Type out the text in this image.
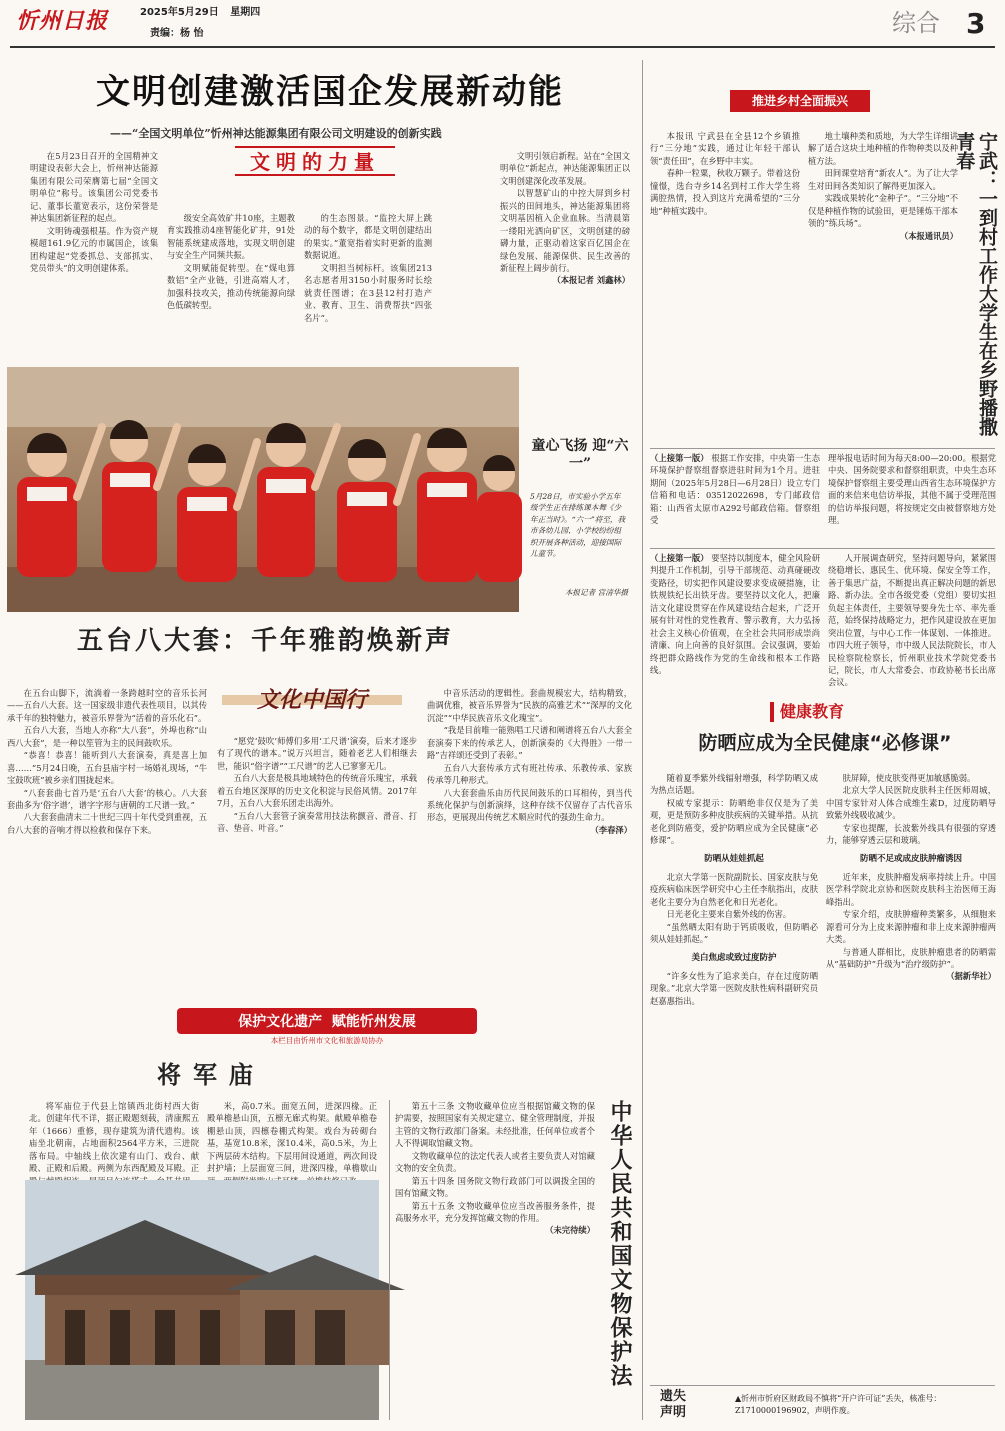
忻州日报	2025年5月29日 星期四
责编：杨 怡	综合 3
文明创建激活国企发展新动能
——“全国文明单位”忻州神达能源集团有限公司文明建设的创新实践
文明的力量

在5月23日召开的全国精神文明建设表彰大会上，忻州神达能源集团有限公司荣膺第七届“全国文明单位”称号。该集团公司党委书记、董事长董宽表示，这份荣誉是神达集团新征程的起点。

文明铸魂强根基。作为资产规模超161.9亿元的市属国企，该集团构建起“党委抓总、支部抓实、党员带头”的文明创建体系。

级安全高效矿井10座，主题教育实践推动4座智能化矿井，91处智能系统建成落地，实现文明创建与安全生产同频共振。

文明赋能促转型。在“煤电算数铝”全产业链，引进高端人才，加强科技攻关，推动传统能源向绿色低碳转型。

的生态图景。“监控大屏上跳动的每个数字，都是文明创建结出的果实。”董宽指着实时更新的监测数据说道。

文明担当树标杆。该集团213名志愿者用3150小时服务时长绘就责任图谱；在3县12村打造产业、教育、卫生、消费帮扶“四张名片”。

文明引领启新程。站在“全国文明单位”新起点，神达能源集团正以文明创建深化改革发展。

以智慧矿山的中控大屏到乡村振兴的田间地头，神达能源集团将文明基因植入企业血脉。当清晨第一缕阳光洒向矿区，文明创建的磅礴力量，正驱动着这家百亿国企在绿色发展、能源保供、民生改善的新征程上阔步前行。

（本报记者 刘鑫林）

童心飞扬 迎“六一”
5月28日，市实验小学五年级学生正在排练课本舞《少年正当时》。“六一”将至，我市各幼儿园、小学校纷纷组织开展各种活动，迎接国际儿童节。
本报记者 宫清华摄
五台八大套：千年雅韵焕新声

在五台山脚下，流淌着一条跨越时空的音乐长河——五台八大套。这一国家级非遗代表性项目，以其传承千年的独特魅力，被音乐界誉为“活着的音乐化石”。

五台八大套，当地人亦称“大八套”，外埠也称“山西八大套”，是一种以笙管为主的民间鼓吹乐。

“恭喜！恭喜！能听到八大套演奏，真是喜上加喜……”5月24日晚，五台县庙宇村一场婚礼现场，“牛宝鼓吹班”被乡亲们围拢起来。

“八套套曲七首乃是‘五台八大套’的核心。八大套套曲多为‘俗字谱’，谱字字形与唐朝的工尺谱一致。”

八大套套曲清末二十世纪三四十年代受到重视，五台八大套的音响才得以检救和保存下来。

文化中国行

“愿党‘鼓吹’师傅们多用‘工尺谱’演奏，后来才逐步有了现代的谱本。”说万兴坦言，随着老艺人们相继去世，能识“俗字谱”“工尺谱”的艺人已寥寥无几。

五台八大套是极具地域特色的传统音乐瑰宝，承载着五台地区深厚的历史文化积淀与民俗风情。2017年7月，五台八大套乐团走出海外。

“五台八大套管子演奏常用技法称颤音、滑音、打音、垫音、叶音。”

中音乐活动的逻辑性。套曲规模宏大，结构精致，曲调优雅，被音乐界誉为“民族的高雅艺术”“深厚的文化沉淀”“中华民族音乐文化瑰宝”。

“我是目前唯一能熟唱工尺谱和阐谱将五台八大套全套演奏下来的传承艺人，创新演奏的《大得胜》一带一路”吉祥颂还受到了表彰。”

五台八大套传承方式有班社传承、乐教传承、家族传承等几种形式。

八大套套曲乐由历代民间鼓乐的口耳相传，到当代系统化保护与创新演绎，这种存续不仅留存了古代音乐形态，更展现出传统艺术顺应时代的强劲生命力。

（李春泽）

保护文化遗产  赋能忻州发展
本栏目由忻州市文化和旅游局协办
将军庙
将军庙位于代县上馆镇西北街村西大街北。创建年代不详，据正殿题刻载，清康熙五年（1666）重修，现存建筑为清代遗构。该庙坐北朝南，占地面积2564平方米，三进院落布局。中轴线上依次建有山门、戏台、献殿、正殿和后殿。两侧为东西配殿及耳殿。正
米，高0.7米。面宽五间，进深四椽。正殿单檐悬山顶，五檩无廊式构架。献殿单檐卷棚悬山顶，四檩卷棚式构架。戏台为砖砌台基，基宽10.8米，深10.4米，高0.5米，为上下两层砖木结构。下层用间设通道，两次间设封护墙；上层面宽三间，进深四椽，单檐歇山

第五十三条 文物收藏单位应当根据馆藏文物的保护需要，按照国家有关规定建立、健全管理制度，并报主管的文物行政部门备案。未经批准，任何单位或者个人不得调取馆藏文物。

文物收藏单位的法定代表人或者主要负责人对馆藏文物的安全负责。

第五十四条 国务院文物行政部门可以调拨全国的国有馆藏文物。

第五十五条 文物收藏单位应当改善服务条件，提高服务水平，充分发挥馆藏文物的作用。

（未完待续） 中华人民共和国文物保护法
推进乡村全面振兴

本报讯 宁武县在全县12个乡镇推行“三分地”实践，通过让年轻干部认领“责任田”，在乡野中丰实。

春种一粒粟，秋收万颗子。带着这份憧憬，选台寺乡14名到村工作大学生将满腔热情，投入到这片充满希望的“三分地”种植实践中。

地土壤种类和质地，为大学生详细讲解了适合这块土地种植的作物种类以及种植方法。

田间课堂培育“新农人”。为了让大学生对田间各类知识了解得更加深入。

实践成果转化“金种子”。“三分地”不仅是种植作物的试验田，更是锤炼干部本领的“练兵场”。

（本报通讯员） 宁武：一到村工作大学生在乡野播撒青春
（上接第一版） 根据工作安排，中央第一生态环境保护督察组督察进驻时间为1个月。进驻期间（2025年5月28日—6月28日）设立专门信箱和电话：03512022698，专门邮政信箱：山西省太原市A292号邮政信箱。督察组受
理举报电话时间为每天8:00—20:00。根据党中央、国务院要求和督察组职责，中央生态环境保护督察组主要受理山西省生态环境保护方面的来信来电信访举报，其他不属于受理范围的信访举报问题，将按规定交由被督察地方处理。
（上接第一版） 要坚持以制度本，健全风险研判提升工作机制，引导干部规范、动真碰硬改变路径，切实把作风建设要求变成硬措施，让铁规铁纪长出铁牙齿。要坚持以文化人，把廉洁文化建设贯穿在作风建设结合起来，广泛开展有针对性的党性教育、警示教育，大力弘扬社会主义核心价值观，在全社会共同形成崇尚清廉、向上向善的良好氛围。会议强调，要始终把群众路线作为党的生命线和根本工作路线。
人开展调查研究，坚持问题导向，紧紧围绕稳增长、惠民生、优环境、保安全等工作，善于集思广益，不断提出真正解决问题的新思路、新办法。全市各级党委（党组）要切实担负起主体责任，主要领导要身先士卒、率先垂范，始终保持战略定力，把作风建设放在更加突出位置，与中心工作一体谋划、一体推进。市四大班子领导，市中级人民法院院长，市人民检察院检察长，忻州职业技术学院党委书记，院长，市人大常委会、市政协秘书长出席会议。
健康教育
防晒应成为全民健康“必修课”

随着夏季紫外线辐射增强，科学防晒又成为热点话题。

权威专家提示：防晒绝非仅仅是为了美观，更是预防多种皮肤疾病的关键举措。从抗老化到防癌变，爱护防晒应成为全民健康“必修课”。

防晒从娃娃抓起

北京大学第一医院副院长、国家皮肤与免疫疾病临床医学研究中心主任李航指出，皮肤老化主要分为自然老化和日光老化。

日光老化主要来自紫外线的伤害。

“虽然晒太阳有助于钙质吸收，但防晒必须从娃娃抓起。”

美白焦虑或致过度防护

“许多女性为了追求美白，存在过度防晒现象。”北京大学第一医院皮肤性病科副研究员赵嘉惠指出。

肤屏障，使皮肤变得更加敏感脆弱。

北京大学人民医院皮肤科主任医师周城，中国专家针对人体合成维生素D，过度防晒导致紫外线吸收减少。

专家也提醒，长波紫外线具有很强的穿透力，能够穿透云层和玻璃。

防晒不足或成皮肤肿瘤诱因

近年来，皮肤肿瘤发病率持续上升。中国医学科学院北京协和医院皮肤科主治医师王海峰指出。

专家介绍，皮肤肿瘤种类繁多，从细胞来源看可分为上皮来源肿瘤和非上皮来源肿瘤两大类。

与普通人群相比，皮肤肿瘤患者的防晒需从“基础防护”升级为“治疗级防护”。

（据新华社）

遗失声明
▲忻州市忻府区财政局不慎将“开户许可证”丢失，核准号：Z1710000196902，声明作废。
